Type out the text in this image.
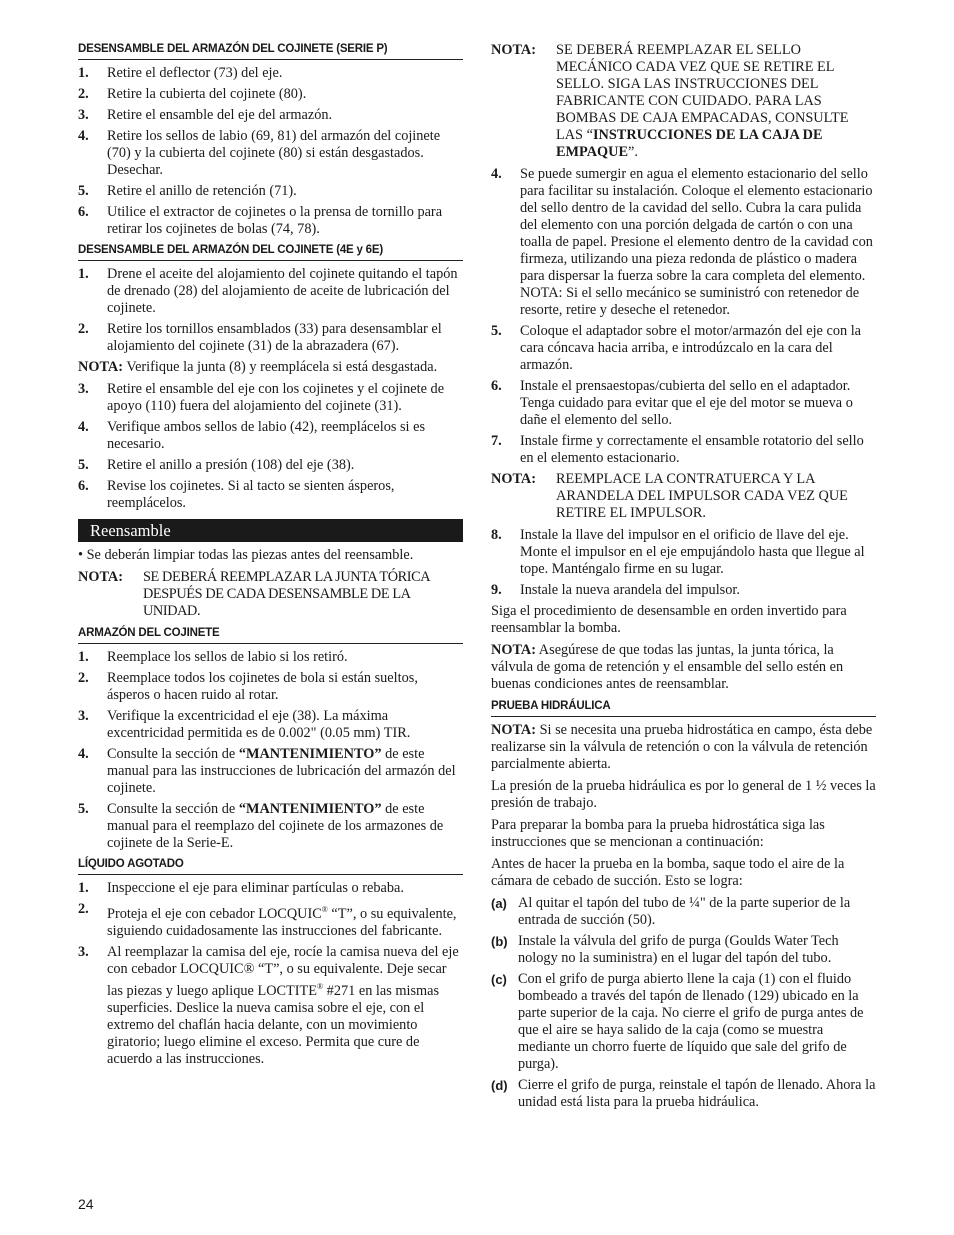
DESENSAMBLE DEL ARMAZÓN DEL COJINETE (SERIE P)
1. Retire el deflector (73) del eje.
2. Retire la cubierta del cojinete (80).
3. Retire el ensamble del eje del armazón.
4. Retire los sellos de labio (69, 81) del armazón del cojinete (70) y la cubierta del cojinete (80) si están desgastados. Desechar.
5. Retire el anillo de retención (71).
6. Utilice el extractor de cojinetes o la prensa de tornillo para retirar los cojinetes de bolas (74, 78).
DESENSAMBLE DEL ARMAZÓN DEL COJINETE (4E y 6E)
1. Drene el aceite del alojamiento del cojinete quitando el tapón de drenado (28) del alojamiento de aceite de lubricación del cojinete.
2. Retire los tornillos ensamblados (33) para desensamblar el alojamiento del cojinete (31) de la abrazadera (67).

NOTA: Verifique la junta (8) y reemplácela si está desgastada.

3. Retire el ensamble del eje con los cojinetes y el cojinete de apoyo (110) fuera del alojamiento del cojinete (31).
4. Verifique ambos sellos de labio (42), reemplácelos si es necesario.
5. Retire el anillo a presión (108) del eje (38).
6. Revise los cojinetes. Si al tacto se sienten ásperos, reemplácelos.
Reensamble

• Se deberán limpiar todas las piezas antes del reensamble.

NOTA: SE DEBERÁ REEMPLAZAR LA JUNTA TÓRICA DESPUÉS DE CADA DESENSAMBLE DE LA UNIDAD.
ARMAZÓN DEL COJINETE
1. Reemplace los sellos de labio si los retiró.
2. Reemplace todos los cojinetes de bola si están sueltos, ásperos o hacen ruido al rotar.
3. Verifique la excentricidad el eje (38). La máxima excentricidad permitida es de 0.002" (0.05 mm) TIR.
4. Consulte la sección de “MANTENIMIENTO” de este manual para las instrucciones de lubricación del armazón del cojinete.
5. Consulte la sección de “MANTENIMIENTO” de este manual para el reemplazo del cojinete de los armazones de cojinete de la Serie-E.
LÍQUIDO AGOTADO
1. Inspeccione el eje para eliminar partículas o rebaba.
2. Proteja el eje con cebador LOCQUIC® “T”, o su equivalente, siguiendo cuidadosamente las instrucciones del fabricante.
3. Al reemplazar la camisa del eje, rocíe la camisa nueva del eje con cebador LOCQUIC® “T”, o su equivalente. Deje secar las piezas y luego aplique LOCTITE® #271 en las mismas superficies. Deslice la nueva camisa sobre el eje, con el extremo del chaflán hacia delante, con un movimiento giratorio; luego elimine el exceso. Permita que cure de acuerdo a las instrucciones.
NOTA: SE DEBERÁ REEMPLAZAR EL SELLO MECÁNICO CADA VEZ QUE SE RETIRE EL SELLO. SIGA LAS INSTRUCCIONES DEL FABRICANTE CON CUIDADO. PARA LAS BOMBAS DE CAJA EMPACADAS, CONSULTE LAS “INSTRUCCIONES DE LA CAJA DE EMPAQUE”.
4. Se puede sumergir en agua el elemento estacionario del sello para facilitar su instalación. Coloque el elemento estacionario del sello dentro de la cavidad del sello. Cubra la cara pulida del elemento con una porción delgada de cartón o con una toalla de papel. Presione el elemento dentro de la cavidad con firmeza, utilizando una pieza redonda de plástico o madera para dispersar la fuerza sobre la cara completa del elemento. NOTA: Si el sello mecánico se suministró con retenedor de resorte, retire y deseche el retenedor.
5. Coloque el adaptador sobre el motor/armazón del eje con la cara cóncava hacia arriba, e introdúzcalo en la cara del armazón.
6. Instale el prensaestopas/cubierta del sello en el adaptador. Tenga cuidado para evitar que el eje del motor se mueva o dañe el elemento del sello.
7. Instale firme y correctamente el ensamble rotatorio del sello en el elemento estacionario.
NOTA: REEMPLACE LA CONTRATUERCA Y LA ARANDELA DEL IMPULSOR CADA VEZ QUE RETIRE EL IMPULSOR.
8. Instale la llave del impulsor en el orificio de llave del eje. Monte el impulsor en el eje empujándolo hasta que llegue al tope. Manténgalo firme en su lugar.
9. Instale la nueva arandela del impulsor.

Siga el procedimiento de desensamble en orden invertido para reensamblar la bomba.

NOTA: Asegúrese de que todas las juntas, la junta tórica, la válvula de goma de retención y el ensamble del sello estén en buenas condiciones antes de reensamblar.

PRUEBA HIDRÁULICA

NOTA: Si se necesita una prueba hidrostática en campo, ésta debe realizarse sin la válvula de retención o con la válvula de retención parcialmente abierta.

La presión de la prueba hidráulica es por lo general de 1 ½ veces la presión de trabajo.

Para preparar la bomba para la prueba hidrostática siga las instrucciones que se mencionan a continuación:

Antes de hacer la prueba en la bomba, saque todo el aire de la cámara de cebado de succión. Esto se logra:

(a) Al quitar el tapón del tubo de ¼" de la parte superior de la entrada de succión (50).
(b) Instale la válvula del grifo de purga (Goulds Water Tech nology no la suministra) en el lugar del tapón del tubo.
(c) Con el grifo de purga abierto llene la caja (1) con el fluido bombeado a través del tapón de llenado (129) ubicado en la parte superior de la caja. No cierre el grifo de purga antes de que el aire se haya salido de la caja (como se muestra mediante un chorro fuerte de líquido que sale del grifo de purga).
(d) Cierre el grifo de purga, reinstale el tapón de llenado. Ahora la unidad está lista para la prueba hidráulica.
24
